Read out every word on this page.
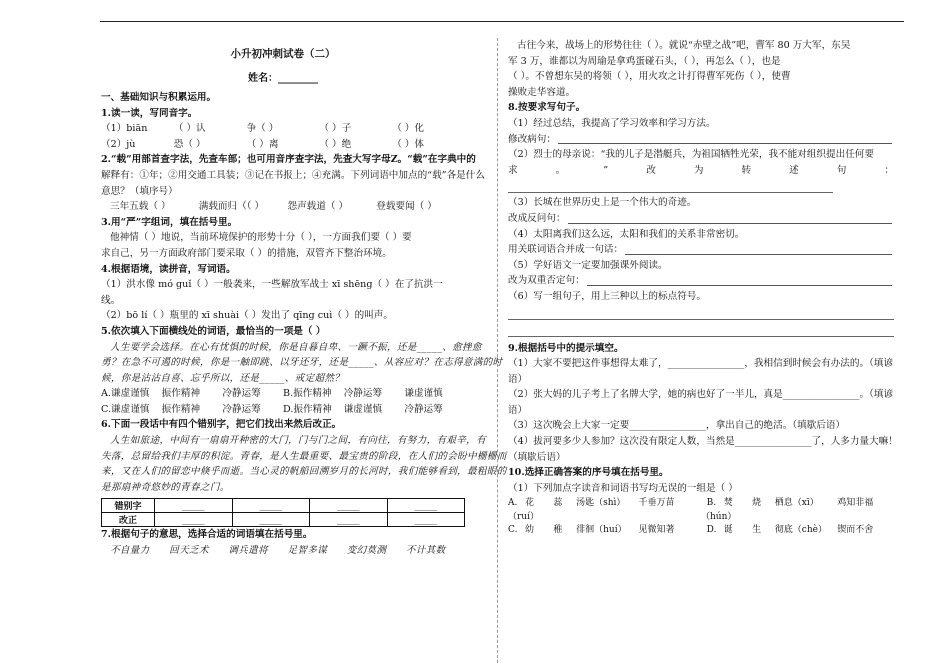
小升初冲刺试卷（二）
姓名：________
一、基础知识与积累运用。
1.读一读，写同音字。
（1）biān	（ ）认	争（ ）	（ ）子	（ ）化
（2）jù	恐（ ）	（ ）离	（ ）绝	（ ）体
2.“载”用部首查字法，先查车部；也可用音序查字法，先查大写字母Z。“载”在字典中的
解释有：①年；②用交通工具装；③记在书报上；④充满。下列词语中加点的“载”各是什么
意思？（填序号）
三年五载（ ）	满载而归（（ ）	怨声载道（ ）	登载要闻（ ）
3.用“严”字组词，填在括号里。
他神情（ ）地说，当前环境保护的形势十分（ ），一方面我们要（ ）要
求自己，另一方面政府部门要采取（ ）的措施，双管齐下整治环境。
4.根据语境，读拼音，写词语。
（1）洪水像 mó guǐ（ ）一般袭来，一些解放军战士 xī shēng（ ）在了抗洪一
线。
（2）bō lí（ ）瓶里的 xī shuài（ ）发出了 qīng cuì（ ）的叫声。
5.依次填入下面横线处的词语，最恰当的一项是（ ）
人生要学会选择。在心有忧惧的时候，你是自暮自卑、一蹶不振，还是_____、愈挫愈
勇？在急不可遏的时候，你是一触即跳、以牙还牙，还是_____、从容应对？在志得意满的时
候，你是沾沾自喜、忘乎所以，还是_____、戒定超然？
A.谦虚谨慎	振作精神	冷静运筹	B.振作精神	冷静运筹	谦虚谨慎
C.谦虚谨慎	振作精神	冷静运筹	D.振作精神	谦虚谨慎	冷静运筹
6.下面一段话中有四个错别字，把它们找出来然后改正。
人生如旅途，中间有一扇扇开种密的大门，门与门之间，有向往，有努力，有艰辛，有
失落，总留给我们丰厚的积淀。青春，是人生最重要、最宝贵的阶段，在人们的会盼中栅栅而
来，又在人们的留恋中倏乎而逝。当心灵的帆船回溯岁月的长河时，我们能够看到，最粗眼的
是那扇神奇悠妙的青春之门。
错别字	_____	_____	_____	_____
改正	_____	_____	_____	_____
7.根据句子的意思，选择合适的词语填在括号里。
不自量力	回天乏术	调兵遣将	足智多谋	变幻莫测	不计其数
古往今来，战场上的形势往往（ ）。就说“赤壁之战”吧，曹军 80 万大军，东吴
军 3 万，谁都以为周瑜是拿鸡蛋碰石头，（ ），再怎么（ ），也是
（ ）。不曾想东吴的将领（ ），用火攻之计打得曹军死伤（ ），使曹
操败走华容道。
8.按要求写句子。
（1）经过总结，我提高了学习效率和学习方法。
修改病句：
（2）烈士的母亲说：“我的儿子是潜艇兵，为祖国牺牲光荣，我不能对组织提出任何要
求	。	”	改	为	转	述	句	：
（3）长城在世界历史上是一个伟大的奇迹。
改成反问句：
（4）太阳离我们这么远，太阳和我们的关系非常密切。
用关联词语合并成一句话：
（5）学好语文一定要加强课外阅读。
改为双重否定句：
（6）写一组句子，用上三种以上的标点符号。
9.根据括号中的提示填空。
（1）大家不要把这件事想得太难了，________________，我相信到时候会有办法的。（填谚
语）
（2）张大妈的儿子考上了名牌大学，她的病也好了一半儿，真是________________。（填谚
语）
（3）这次晚会上大家一定要________________，拿出自己的绝活。（填歇后语）
（4）拔河要多少人参加？这次没有限定人数，当然是________________了，人多力量大嘛！
（填歇后语）
10.选择正确答案的序号填在括号里。
（1）下列加点字读音和词语书写均无误的一组是（ ）
A. 花	蕊	汤匙（shì）	千垂万苗	B. 焚	烧	栖息（xī）	鸡知非福
（ruí）	（hún）
C. 幼	稚	徘徊（huí）	见微知著	D. 诞	生	彻底（chè）	锲而不舍
